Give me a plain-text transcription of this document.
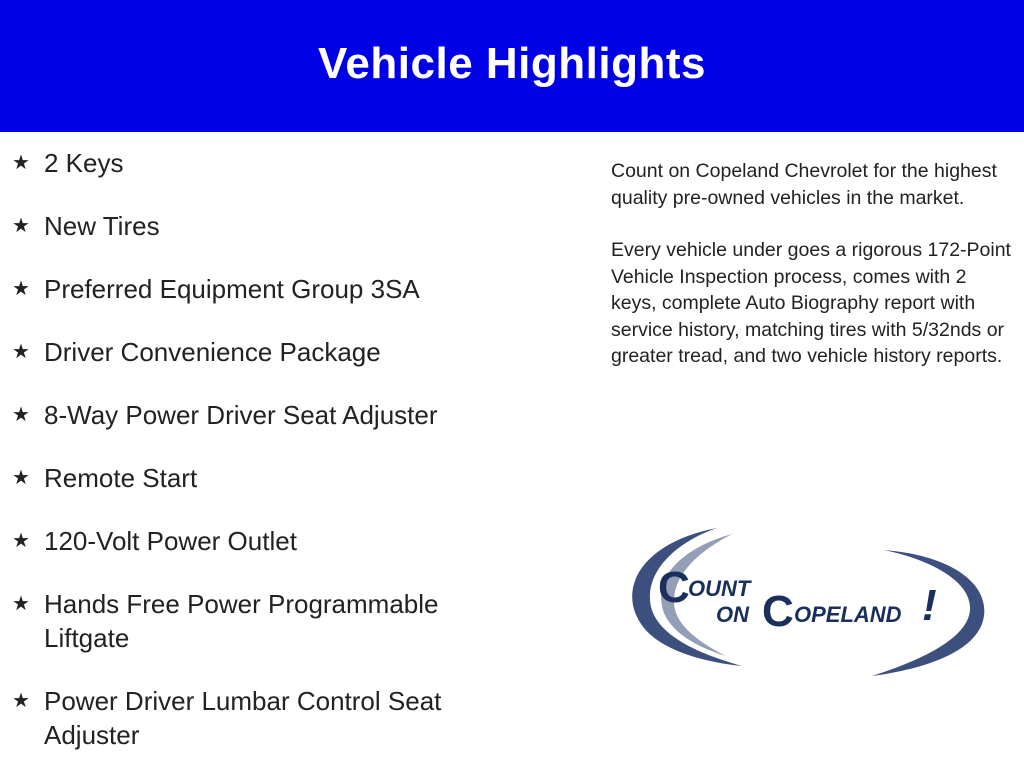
Vehicle Highlights
★ 2 Keys
★ New Tires
★ Preferred Equipment Group 3SA
★ Driver Convenience Package
★ 8-Way Power Driver Seat Adjuster
★ Remote Start
★ 120-Volt Power Outlet
★ Hands Free Power Programmable Liftgate
★ Power Driver Lumbar Control Seat Adjuster

Count on Copeland Chevrolet for the highest quality pre-owned vehicles in the market.

Every vehicle under goes a rigorous 172-Point Vehicle Inspection process, comes with 2 keys, complete Auto Biography report with service history, matching tires with 5/32nds or greater tread, and two vehicle history reports.

C
OUNT
ON C OPELAND !
